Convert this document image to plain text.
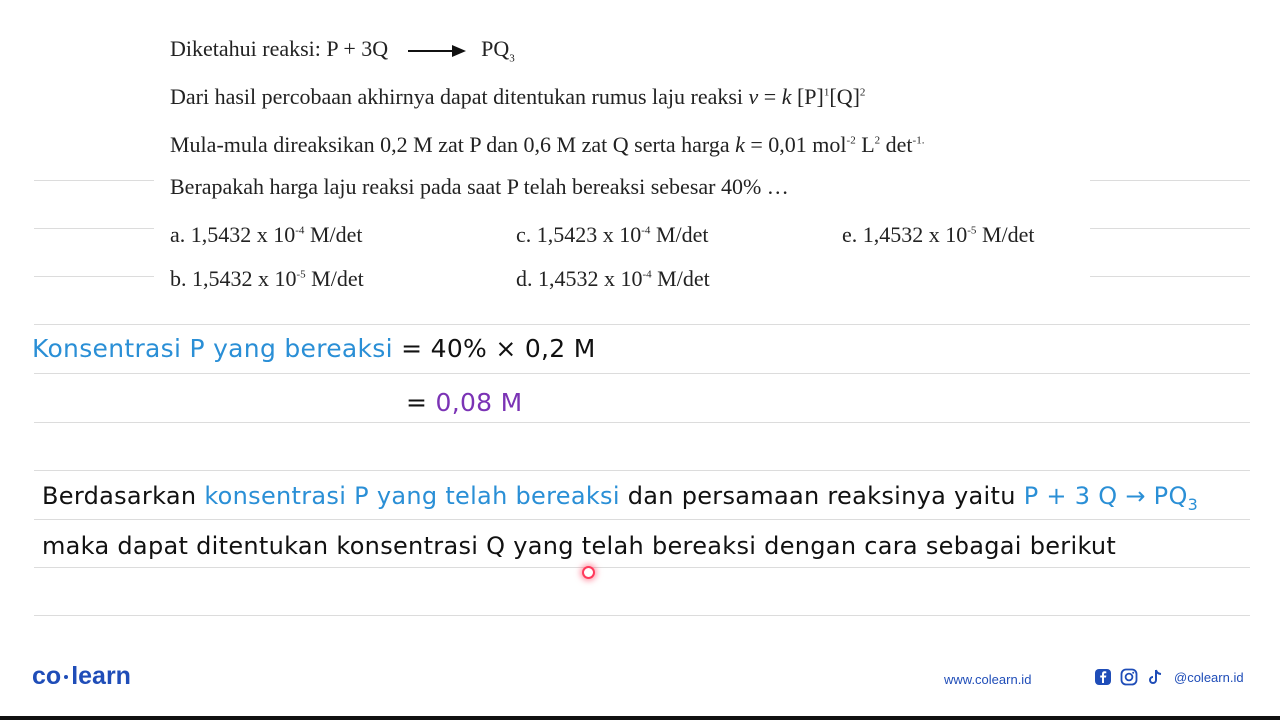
Diketahui reaksi: $P + 3Q \to PQ_3$
Dari hasil percobaan akhirnya dapat ditentukan rumus laju reaksi v = k $[P]^1[Q]^2$
Mula-mula direaksikan 0,2 M zat P dan 0,6 M zat Q serta harga k = 0,01 mol$^{-2}$ $L^2$ $\det^{-1.}$
Berapakah harga laju reaksi pada saat P telah bereaksi sebesar 40% …
a. 1,5432 x $10^{-4}$ M/det	c. 1,5423 x $10^{-4}$ M/det	e. 1,4532 x $10^{-5}$ M/det
b. 1,5432 x $10^{-5}$ M/det	d. 1,4532 x $10^{-4}$ M/det
Konsentrasi P yang bereaksi = 40% × 0,2 M
= 0,08 M
Berdasarkan konsentrasi P yang telah bereaksi dan persamaan reaksinya yaitu P + 3 $Q \to PQ_3$
maka dapat ditentukan konsentrasi Q yang telah bereaksi dengan cara sebagai berikut
co learn	www.colearn.id	@colearn.id
